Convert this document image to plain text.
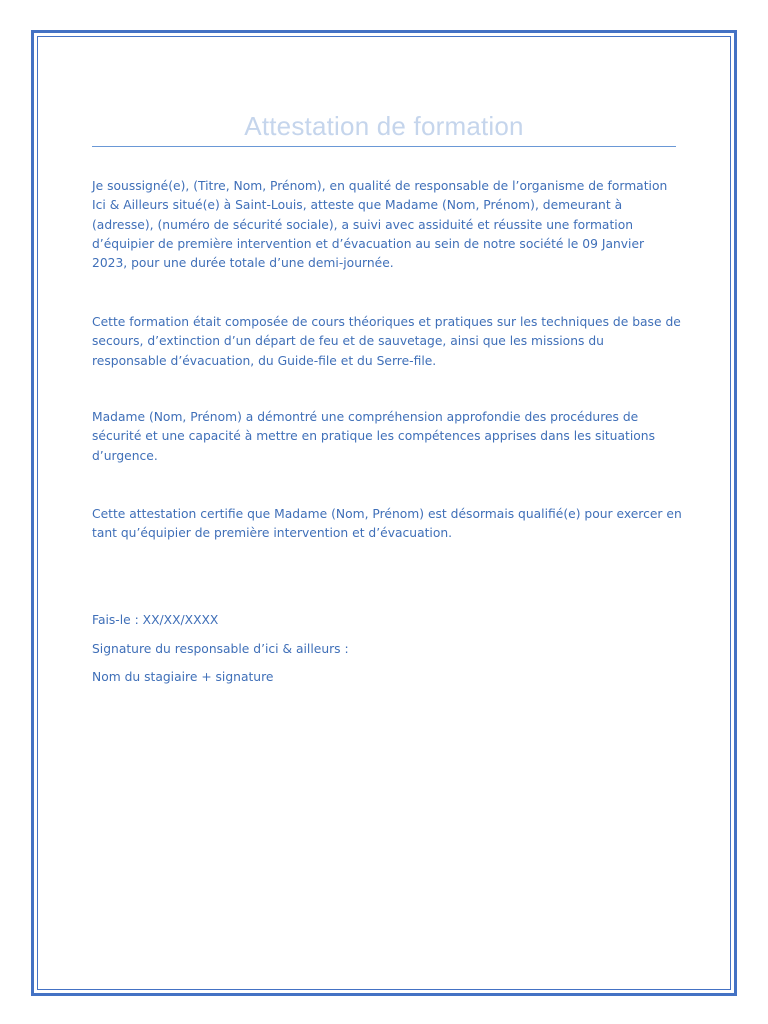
Attestation de formation

Je soussigné(e), (Titre, Nom, Prénom), en qualité de responsable de l’organisme de formation Ici & Ailleurs situé(e) à Saint-Louis, atteste que Madame (Nom, Prénom), demeurant à (adresse), (numéro de sécurité sociale), a suivi avec assiduité et réussite une formation d’équipier de première intervention et d’évacuation au sein de notre société le 09 Janvier 2023, pour une durée totale d’une demi-journée.

Cette formation était composée de cours théoriques et pratiques sur les techniques de base de secours, d’extinction d’un départ de feu et de sauvetage, ainsi que les missions du responsable d’évacuation, du Guide-file et du Serre-file.

Madame (Nom, Prénom) a démontré une compréhension approfondie des procédures de sécurité et une capacité à mettre en pratique les compétences apprises dans les situations d’urgence.

Cette attestation certifie que Madame (Nom, Prénom) est désormais qualifié(e) pour exercer en tant qu’équipier de première intervention et d’évacuation.

Fais-le : XX/XX/XXXX

Signature du responsable d’ici & ailleurs :

Nom du stagiaire + signature
